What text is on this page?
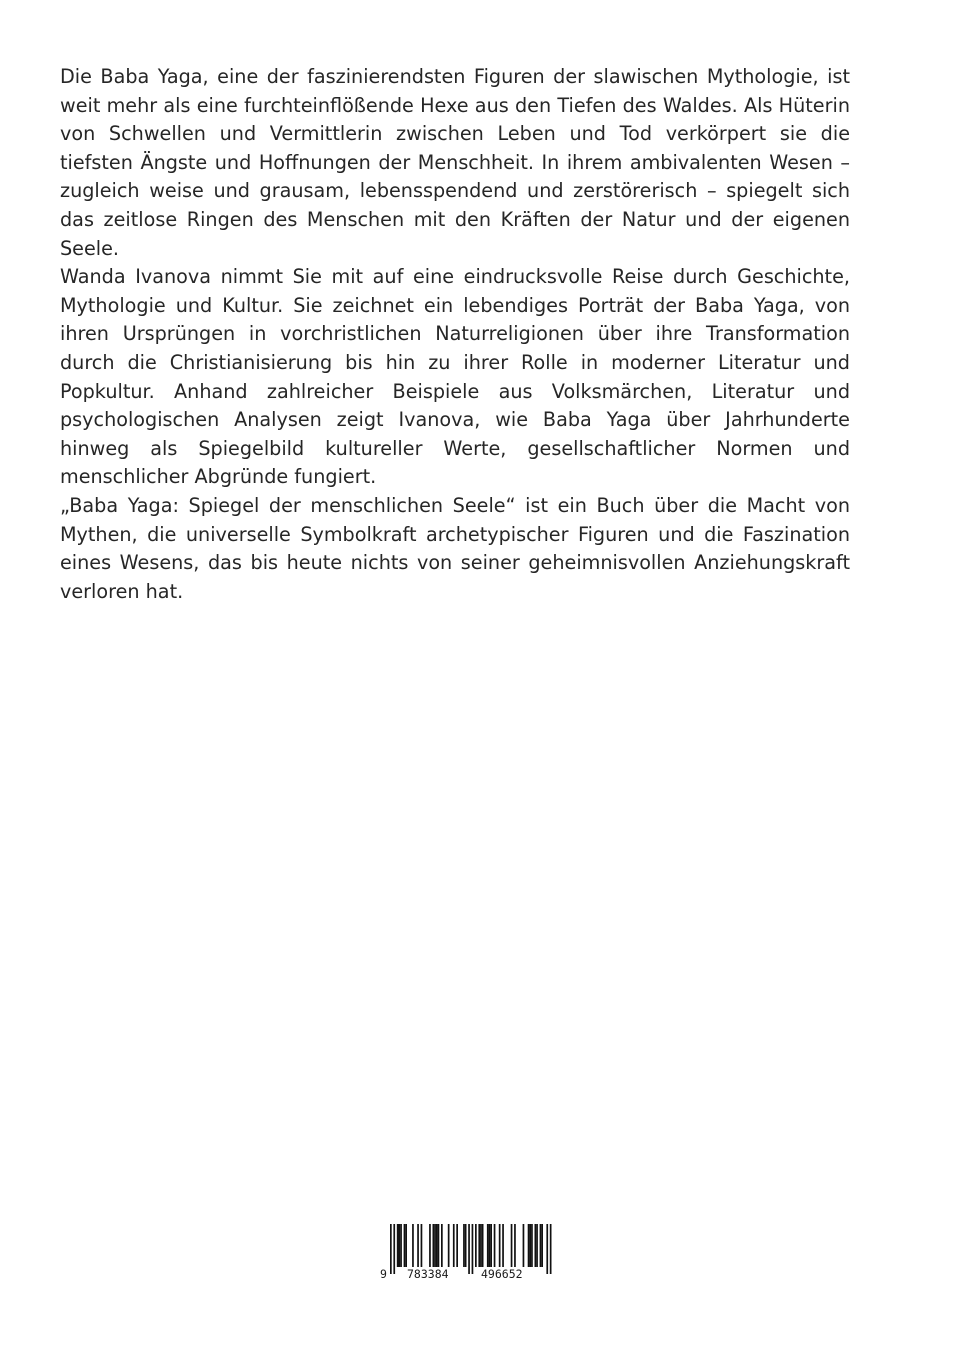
Die Baba Yaga, eine der faszinierendsten Figuren der slawischen Mythologie, ist weit mehr als eine furchteinflößende Hexe aus den Tiefen des Waldes. Als Hüterin von Schwellen und Vermittlerin zwischen Leben und Tod verkörpert sie die tiefsten Ängste und Hoffnungen der Menschheit. In ihrem ambivalenten Wesen – zugleich weise und grausam, lebensspendend und zerstörerisch – spiegelt sich das zeitlose Ringen des Menschen mit den Kräften der Natur und der eigenen Seele.

Wanda Ivanova nimmt Sie mit auf eine eindrucksvolle Reise durch Geschichte, Mythologie und Kultur. Sie zeichnet ein lebendiges Porträt der Baba Yaga, von ihren Ursprüngen in vorchristlichen Naturreligionen über ihre Transformation durch die Christianisierung bis hin zu ihrer Rolle in moderner Literatur und Popkultur. Anhand zahlreicher Beispiele aus Volksmärchen, Literatur und psychologischen Analysen zeigt Ivanova, wie Baba Yaga über Jahrhunderte hinweg als Spiegelbild kultureller Werte, gesellschaftlicher Normen und menschlicher Abgründe fungiert.

„Baba Yaga: Spiegel der menschlichen Seele“ ist ein Buch über die Macht von Mythen, die universelle Symbolkraft archetypischer Figuren und die Faszination eines Wesens, das bis heute nichts von seiner geheimnisvollen Anziehungskraft verloren hat.

9 783384	496652
